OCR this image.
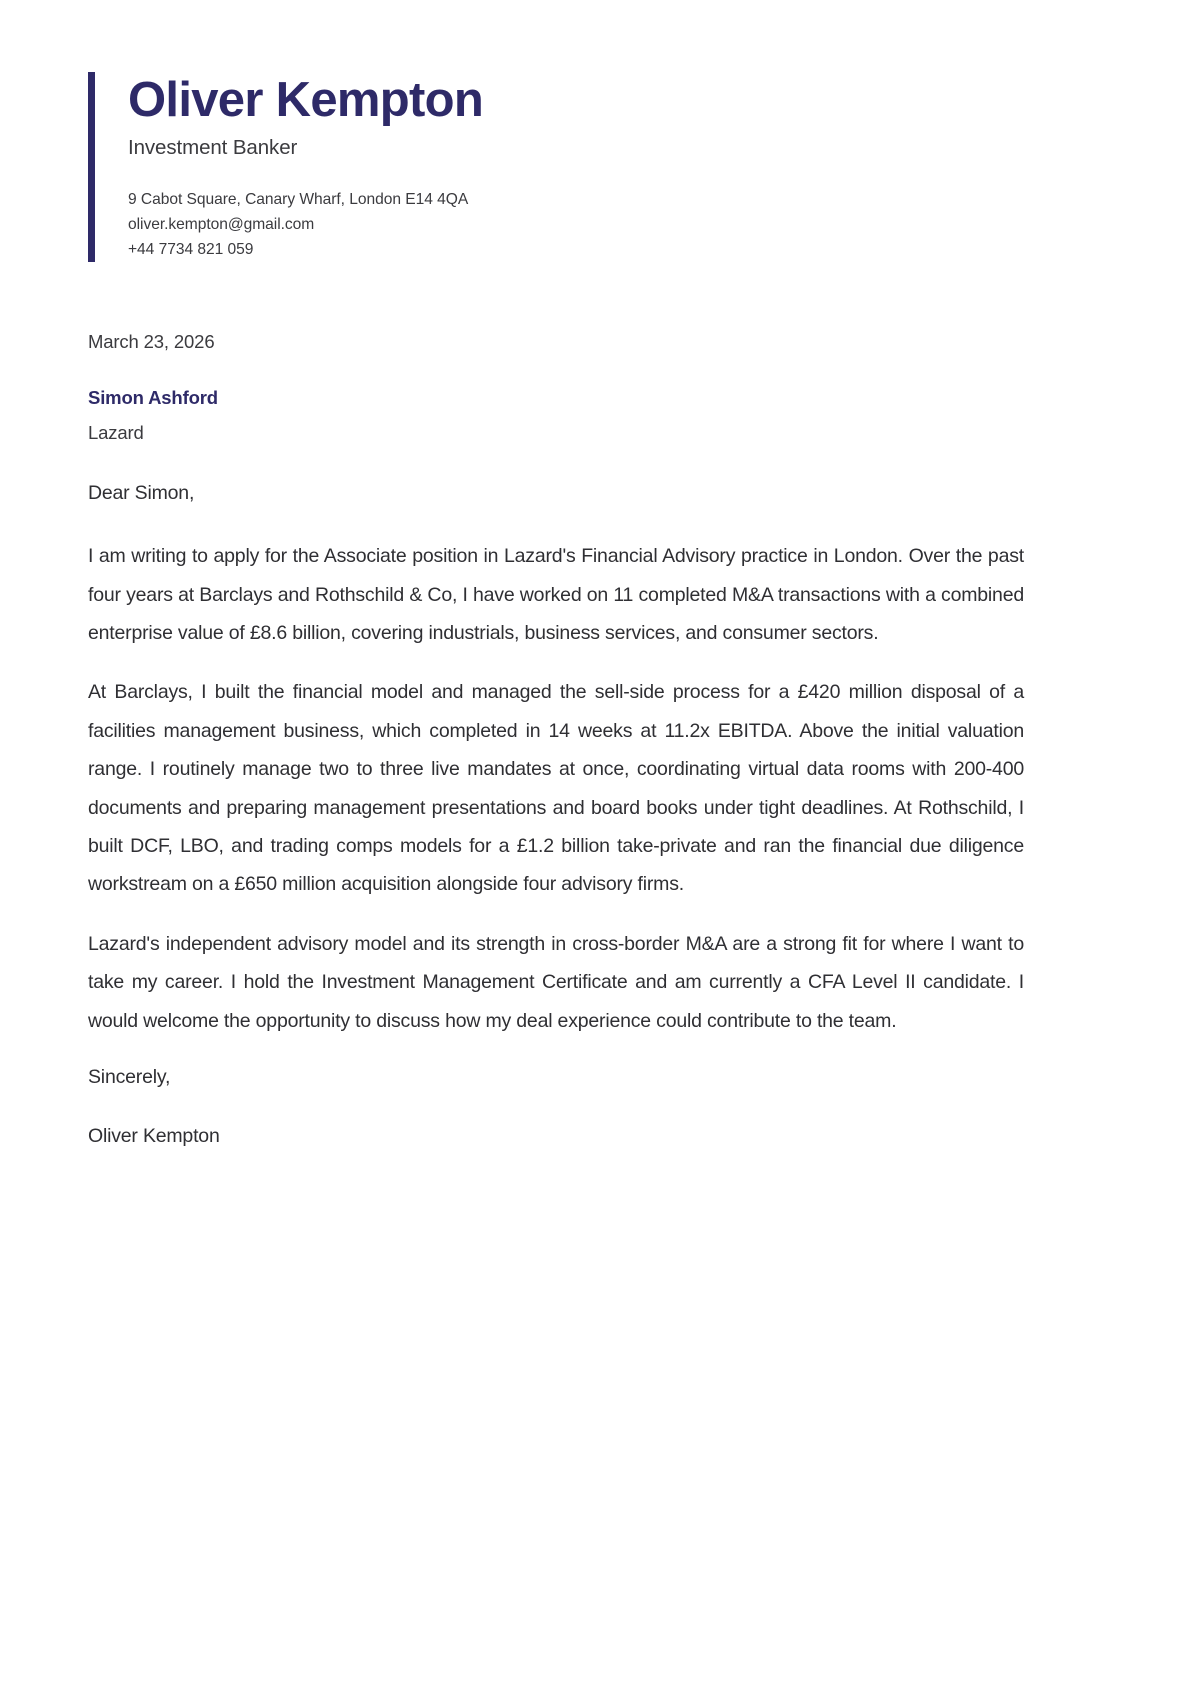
Oliver Kempton
Investment Banker
9 Cabot Square, Canary Wharf, London E14 4QA
oliver.kempton@gmail.com
+44 7734 821 059
March 23, 2026
Simon Ashford
Lazard
Dear Simon,

I am writing to apply for the Associate position in Lazard's Financial Advisory practice in London. Over the past four years at Barclays and Rothschild & Co, I have worked on 11 completed M&A transactions with a combined enterprise value of £8.6 billion, covering industrials, business services, and consumer sectors.

At Barclays, I built the financial model and managed the sell-side process for a £420 million disposal of a facilities management business, which completed in 14 weeks at 11.2x EBITDA. Above the initial valuation range. I routinely manage two to three live mandates at once, coordinating virtual data rooms with 200-400 documents and preparing management presentations and board books under tight deadlines. At Rothschild, I built DCF, LBO, and trading comps models for a £1.2 billion take-private and ran the financial due diligence workstream on a £650 million acquisition alongside four advisory firms.

Lazard's independent advisory model and its strength in cross-border M&A are a strong fit for where I want to take my career. I hold the Investment Management Certificate and am currently a CFA Level II candidate. I would welcome the opportunity to discuss how my deal experience could contribute to the team.

Sincerely,
Oliver Kempton
